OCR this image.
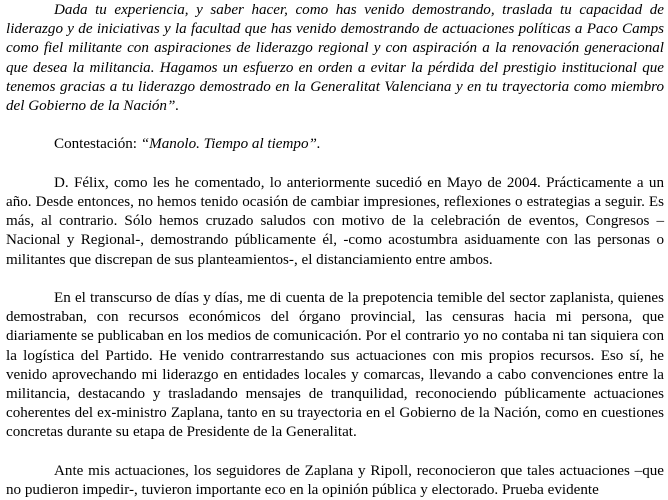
Dada tu experiencia, y saber hacer, como has venido demostrando, traslada tu capacidad de liderazgo y de iniciativas y la facultad que has venido demostrando de actuaciones políticas a Paco Camps como fiel militante con aspiraciones de liderazgo regional y con aspiración a la renovación generacional que desea la militancia. Hagamos un esfuerzo en orden a evitar la pérdida del prestigio institucional que tenemos gracias a tu liderazgo demostrado en la Generalitat Valenciana y en tu trayectoria como miembro del Gobierno de la Nación”.

Contestación: “Manolo. Tiempo al tiempo”.

D. Félix, como les he comentado, lo anteriormente sucedió en Mayo de 2004. Prácticamente a un año. Desde entonces, no hemos tenido ocasión de cambiar impresiones, reflexiones o estrategias a seguir. Es más, al contrario. Sólo hemos cruzado saludos con motivo de la celebración de eventos, Congresos –Nacional y Regional-, demostrando públicamente él, -como acostumbra asiduamente con las personas o militantes que discrepan de sus planteamientos-, el distanciamiento entre ambos.

En el transcurso de días y días, me di cuenta de la prepotencia temible del sector zaplanista, quienes demostraban, con recursos económicos del órgano provincial, las censuras hacia mi persona, que diariamente se publicaban en los medios de comunicación. Por el contrario yo no contaba ni tan siquiera con la logística del Partido. He venido contrarrestando sus actuaciones con mis propios recursos. Eso sí, he venido aprovechando mi liderazgo en entidades locales y comarcas, llevando a cabo convenciones entre la militancia, destacando y trasladando mensajes de tranquilidad, reconociendo públicamente actuaciones coherentes del ex-ministro Zaplana, tanto en su trayectoria en el Gobierno de la Nación, como en cuestiones concretas durante su etapa de Presidente de la Generalitat.

Ante mis actuaciones, los seguidores de Zaplana y Ripoll, reconocieron que tales actuaciones –que no pudieron impedir-, tuvieron importante eco en la opinión pública y electorado. Prueba evidente
